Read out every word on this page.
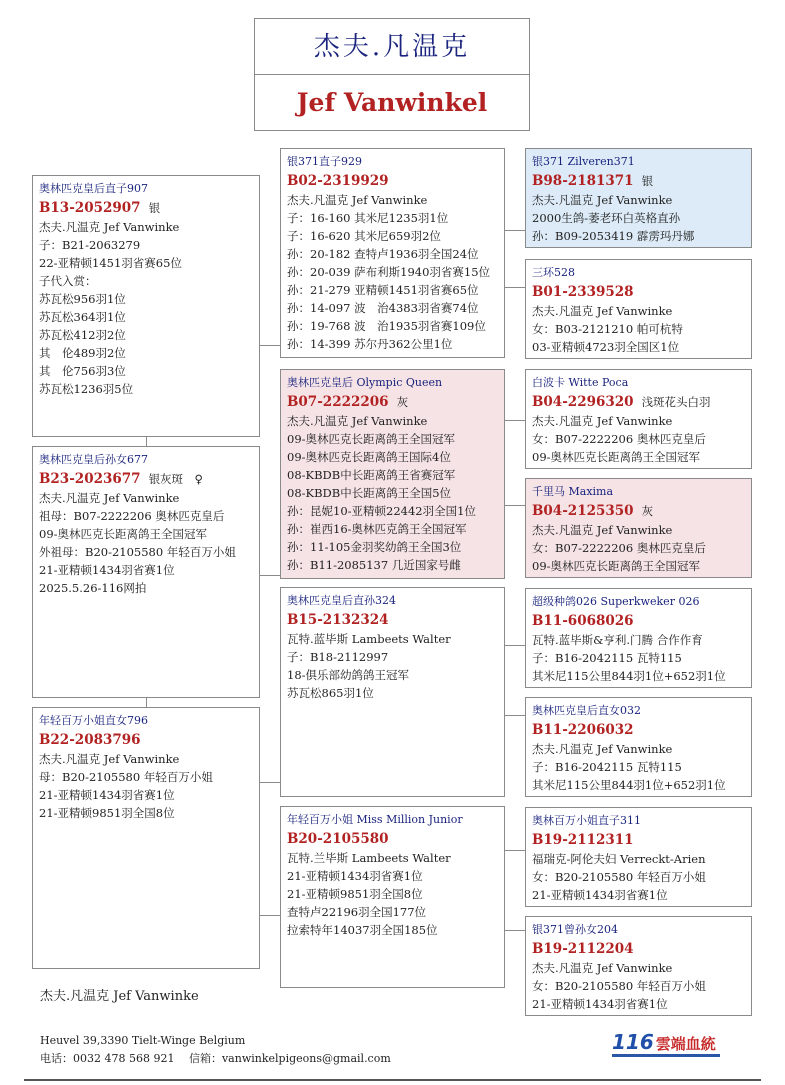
杰夫.凡温克
Jef Vanwinkel
奥林匹克皇后直子907
B13-2052907 银
杰夫.凡温克 Jef Vanwinke
子：B21-2063279
22-亚精顿1451羽省赛65位
子代入赏：
苏瓦松956羽1位
苏瓦松364羽1位
苏瓦松412羽2位
其　伦489羽2位
其　伦756羽3位
苏瓦松1236羽5位
奥林匹克皇后孙女677
B23-2023677 银灰斑　♀
杰夫.凡温克 Jef Vanwinke
祖母：B07-2222206 奥林匹克皇后
09-奥林匹克长距离鸽王全国冠军
外祖母：B20-2105580 年轻百万小姐
21-亚精顿1434羽省赛1位
2025.5.26-116网拍
年轻百万小姐直女796
B22-2083796
杰夫.凡温克 Jef Vanwinke
母：B20-2105580 年轻百万小姐
21-亚精顿1434羽省赛1位
21-亚精顿9851羽全国8位
银371直子929
B02-2319929
杰夫.凡温克 Jef Vanwinke
子：16-160 其米尼1235羽1位
子：16-620 其米尼659羽2位
孙：20-182 查特卢1936羽全国24位
孙：20-039 萨布利斯1940羽省赛15位
孙：21-279 亚精顿1451羽省赛65位
孙：14-097 波　治4383羽省赛74位
孙：19-768 波　治1935羽省赛109位
孙：14-399 苏尔丹362公里1位
奥林匹克皇后 Olympic Queen
B07-2222206 灰
杰夫.凡温克 Jef Vanwinke
09-奥林匹克长距离鸽王全国冠军
09-奥林匹克长距离鸽王国际4位
08-KBDB中长距离鸽王省赛冠军
08-KBDB中长距离鸽王全国5位
孙：昆妮10-亚精顿22442羽全国1位
孙：崔西16-奥林匹克鸽王全国冠军
孙：11-105金羽奖幼鸽王全国3位
孙：B11-2085137 几近国家号雌
奥林匹克皇后直孙324
B15-2132324
瓦特.蓝毕斯 Lambeets Walter
子：B18-2112997
18-俱乐部幼鸽鸽王冠军
苏瓦松865羽1位
年轻百万小姐 Miss Million Junior
B20-2105580
瓦特.兰毕斯 Lambeets Walter
21-亚精顿1434羽省赛1位
21-亚精顿9851羽全国8位
查特卢22196羽全国177位
拉索特年14037羽全国185位
银371 Zilveren371
B98-2181371 银
杰夫.凡温克 Jef Vanwinke
2000生鸽-萎老环白英格直孙
孙：B09-2053419 霹雳玛丹娜
三环528
B01-2339528
杰夫.凡温克 Jef Vanwinke
女：B03-2121210 帕可杭特
03-亚精顿4723羽全国区1位
白波卡 Witte Poca
B04-2296320 浅斑花头白羽
杰夫.凡温克 Jef Vanwinke
女：B07-2222206 奥林匹克皇后
09-奥林匹克长距离鸽王全国冠军
千里马 Maxima
B04-2125350 灰
杰夫.凡温克 Jef Vanwinke
女：B07-2222206 奥林匹克皇后
09-奥林匹克长距离鸽王全国冠军
超级种鸽026 Superkweker 026
B11-6068026
瓦特.蓝毕斯&亨利.门腾 合作作育
子：B16-2042115 瓦特115
其米尼115公里844羽1位+652羽1位
奥林匹克皇后直女032
B11-2206032
杰夫.凡温克 Jef Vanwinke
子：B16-2042115 瓦特115
其米尼115公里844羽1位+652羽1位
奥林百万小姐直子311
B19-2112311
福瑞克-阿伦夫妇 Verreckt-Arien
女：B20-2105580 年轻百万小姐
21-亚精顿1434羽省赛1位
银371曾孙女204
B19-2112204
杰夫.凡温克 Jef Vanwinke
女：B20-2105580 年轻百万小姐
21-亚精顿1434羽省赛1位
杰夫.凡温克 Jef Vanwinke
Heuvel 39,3390 Tielt-Winge Belgium
电话：0032 478 568 921　 信箱：vanwinkelpigeons@gmail.com
116 雲端血統
